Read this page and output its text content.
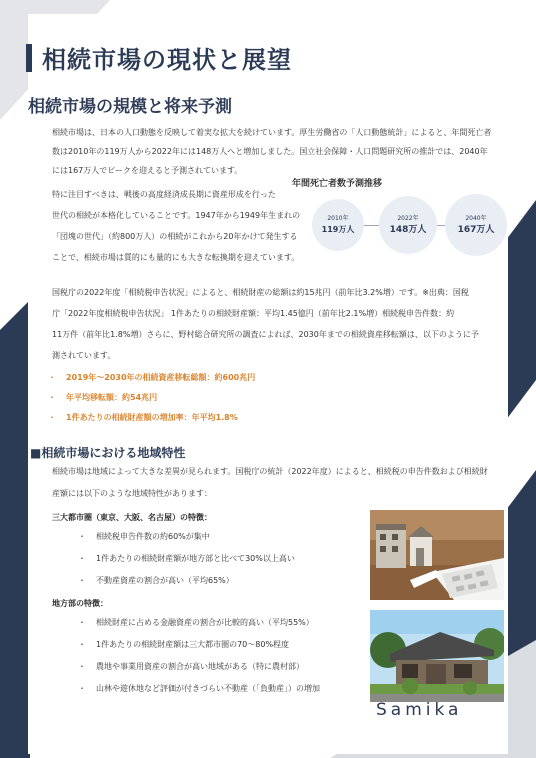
相続市場の現状と展望
相続市場の規模と将来予測

相続市場は、日本の人口動態を反映して着実な拡大を続けています。厚生労働省の「人口動態統計」によると、年間死亡者

数は2010年の119万人から2022年には148万人へと増加しました。国立社会保障・人口問題研究所の推計では、2040年

には167万人でピークを迎えると予測されています。

特に注目すべきは、戦後の高度経済成長期に資産形成を行った

世代の相続が本格化していることです。1947年から1949年生まれの

「団塊の世代」（約800万人）の相続がこれから20年かけて発生する

ことで、相続市場は質的にも量的にも大きな転換期を迎えています。

年間死亡者数予測推移
2010年
119万人
2022年
148万人
2040年
167万人

国税庁の2022年度「相続税申告状況」によると、相続財産の総額は約15兆円（前年比3.2%増）です。※出典：国税

庁「2022年度相続税申告状況」 1件あたりの相続財産額：平均1.45億円（前年比2.1%増）相続税申告件数：約

11万件（前年比1.8%増）さらに、野村総合研究所の調査によれば、2030年までの相続資産移転額は、以下のように予

測されています。

・ 2019年～2030年の相続資産移転総額：約600兆円
・ 年平均移転額：約54兆円
・ 1件あたりの相続財産額の増加率：年平均1.8%
■相続市場における地域特性

相続市場は地域によって大きな差異が見られます。国税庁の統計（2022年度）によると、相続税の申告件数および相続財

産額には以下のような地域特性があります：

三大都市圏（東京、大阪、名古屋）の特徴：
・ 相続税申告件数の約60%が集中
・ 1件あたりの相続財産額が地方部と比べて30%以上高い
・ 不動産資産の割合が高い（平均65%）
地方部の特徴：
・ 相続財産に占める金融資産の割合が比較的高い（平均55%）
・ 1件あたりの相続財産額は三大都市圏の70～80%程度
・ 農地や事業用資産の割合が高い地域がある（特に農村部）
・ 山林や遊休地など評価が付きづらい不動産（「負動産」）の増加
Samika
